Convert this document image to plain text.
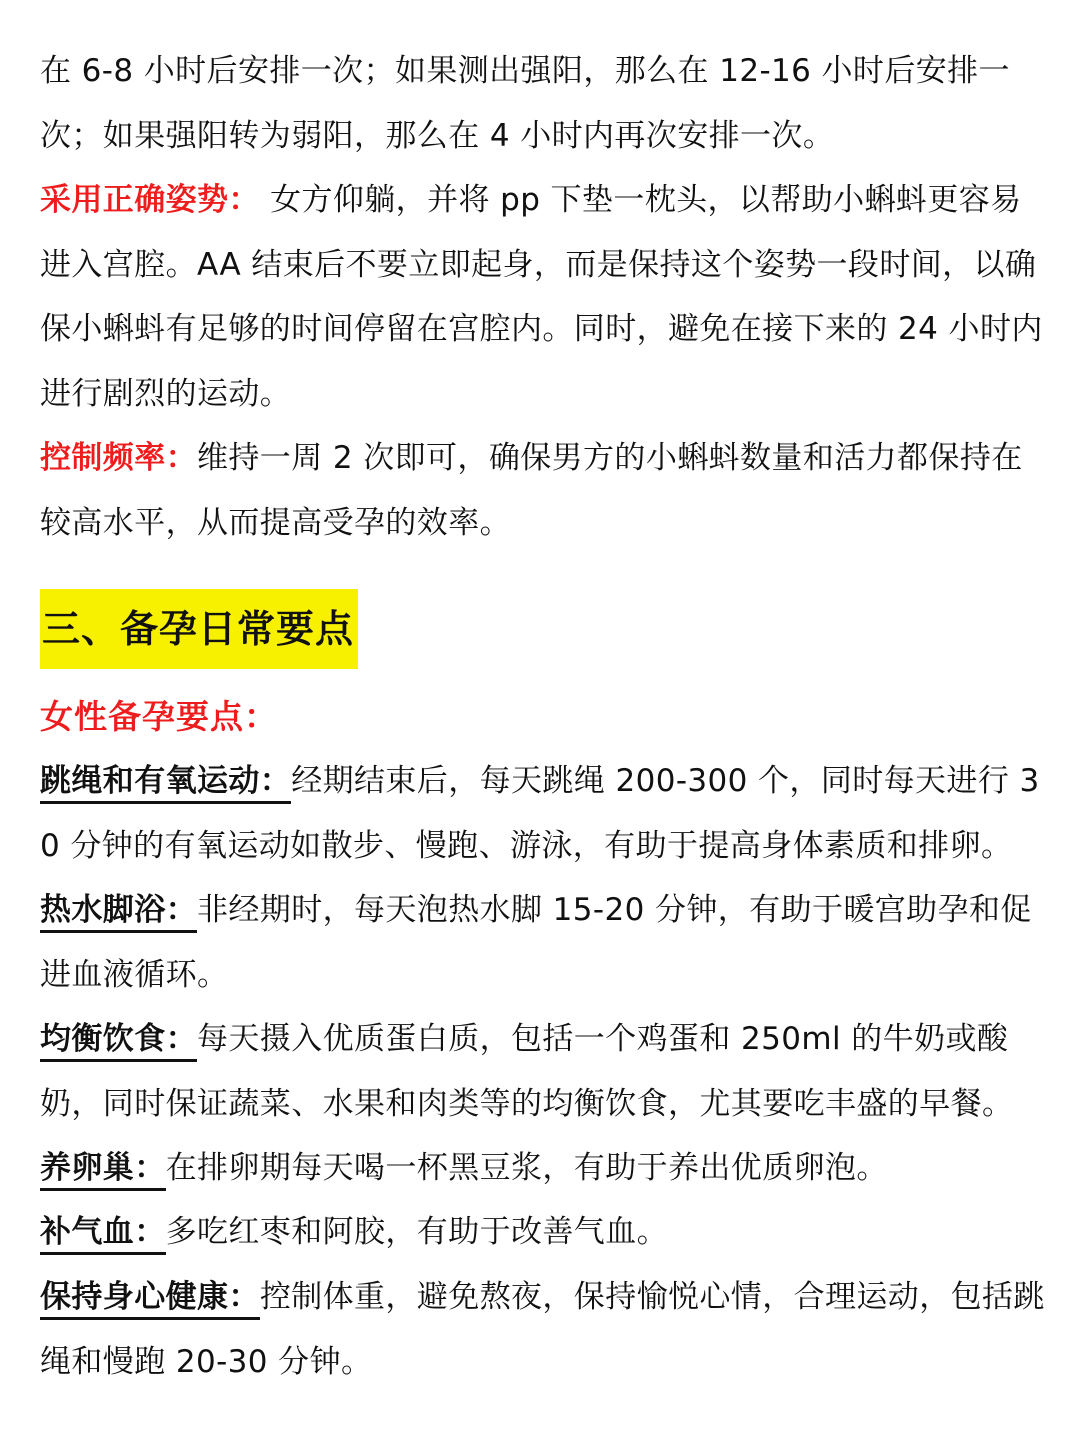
在 6-8 小时后安排一次；如果测出强阳，那么在 12-16 小时后安排一次；如果强阳转为弱阳，那么在 4 小时内再次安排一次。
采用正确姿势： 女方仰躺，并将 pp 下垫一枕头，以帮助小蝌蚪更容易进入宫腔。AA 结束后不要立即起身，而是保持这个姿势一段时间，以确保小蝌蚪有足够的时间停留在宫腔内。同时，避免在接下来的 24 小时内进行剧烈的运动。
控制频率：维持一周 2 次即可，确保男方的小蝌蚪数量和活力都保持在较高水平，从而提高受孕的效率。
三、备孕日常要点
女性备孕要点：
跳绳和有氧运动：经期结束后，每天跳绳 200-300 个，同时每天进行 30 分钟的有氧运动如散步、慢跑、游泳，有助于提高身体素质和排卵。
热水脚浴：非经期时，每天泡热水脚 15-20 分钟，有助于暖宫助孕和促进血液循环。
均衡饮食：每天摄入优质蛋白质，包括一个鸡蛋和 250ml 的牛奶或酸奶，同时保证蔬菜、水果和肉类等的均衡饮食，尤其要吃丰盛的早餐。
养卵巢：在排卵期每天喝一杯黑豆浆，有助于养出优质卵泡。
补气血：多吃红枣和阿胶，有助于改善气血。
保持身心健康：控制体重，避免熬夜，保持愉悦心情，合理运动，包括跳绳和慢跑 20-30 分钟。
